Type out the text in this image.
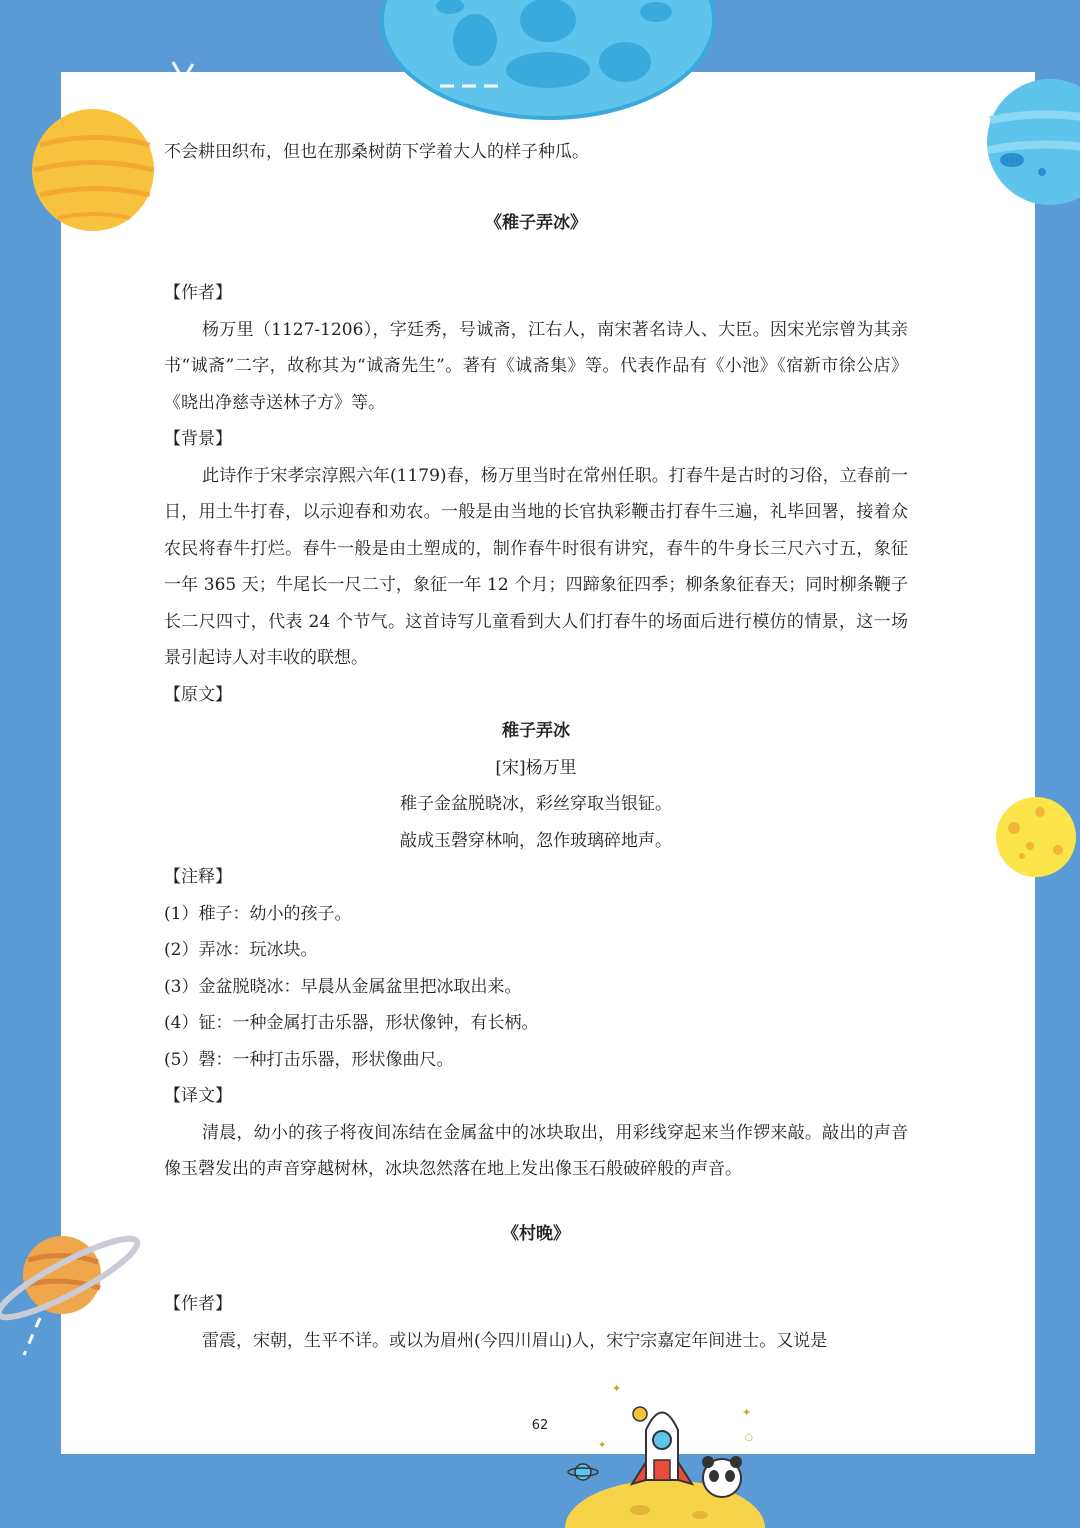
不会耕田织布，但也在那桑树荫下学着大人的样子种瓜。

《稚子弄冰》

【作者】

杨万里（1127-1206），字廷秀，号诚斋，江右人，南宋著名诗人、大臣。因宋光宗曾为其亲书“诚斋”二字，故称其为“诚斋先生”。著有《诚斋集》等。代表作品有《小池》《宿新市徐公店》《晓出净慈寺送林子方》等。

【背景】

此诗作于宋孝宗淳熙六年(1179)春，杨万里当时在常州任职。打春牛是古时的习俗，立春前一日，用土牛打春，以示迎春和劝农。一般是由当地的长官执彩鞭击打春牛三遍，礼毕回署，接着众农民将春牛打烂。春牛一般是由土塑成的，制作春牛时很有讲究，春牛的牛身长三尺六寸五，象征一年 365 天；牛尾长一尺二寸，象征一年 12 个月；四蹄象征四季；柳条象征春天；同时柳条鞭子长二尺四寸，代表 24 个节气。这首诗写儿童看到大人们打春牛的场面后进行模仿的情景，这一场景引起诗人对丰收的联想。

【原文】

稚子弄冰

[宋]杨万里

稚子金盆脱晓冰，彩丝穿取当银钲。

敲成玉磬穿林响，忽作玻璃碎地声。

【注释】

(1）稚子：幼小的孩子。

(2）弄冰：玩冰块。

(3）金盆脱晓冰：早晨从金属盆里把冰取出来。

(4）钲：一种金属打击乐器，形状像钟，有长柄。

(5）磬：一种打击乐器，形状像曲尺。

【译文】

清晨，幼小的孩子将夜间冻结在金属盆中的冰块取出，用彩线穿起来当作锣来敲。敲出的声音像玉磬发出的声音穿越树林，冰块忽然落在地上发出像玉石般破碎般的声音。

《村晚》

【作者】

雷震，宋朝，生平不详。或以为眉州(今四川眉山)人，宋宁宗嘉定年间进士。又说是

62
✦
✦
✦
○
